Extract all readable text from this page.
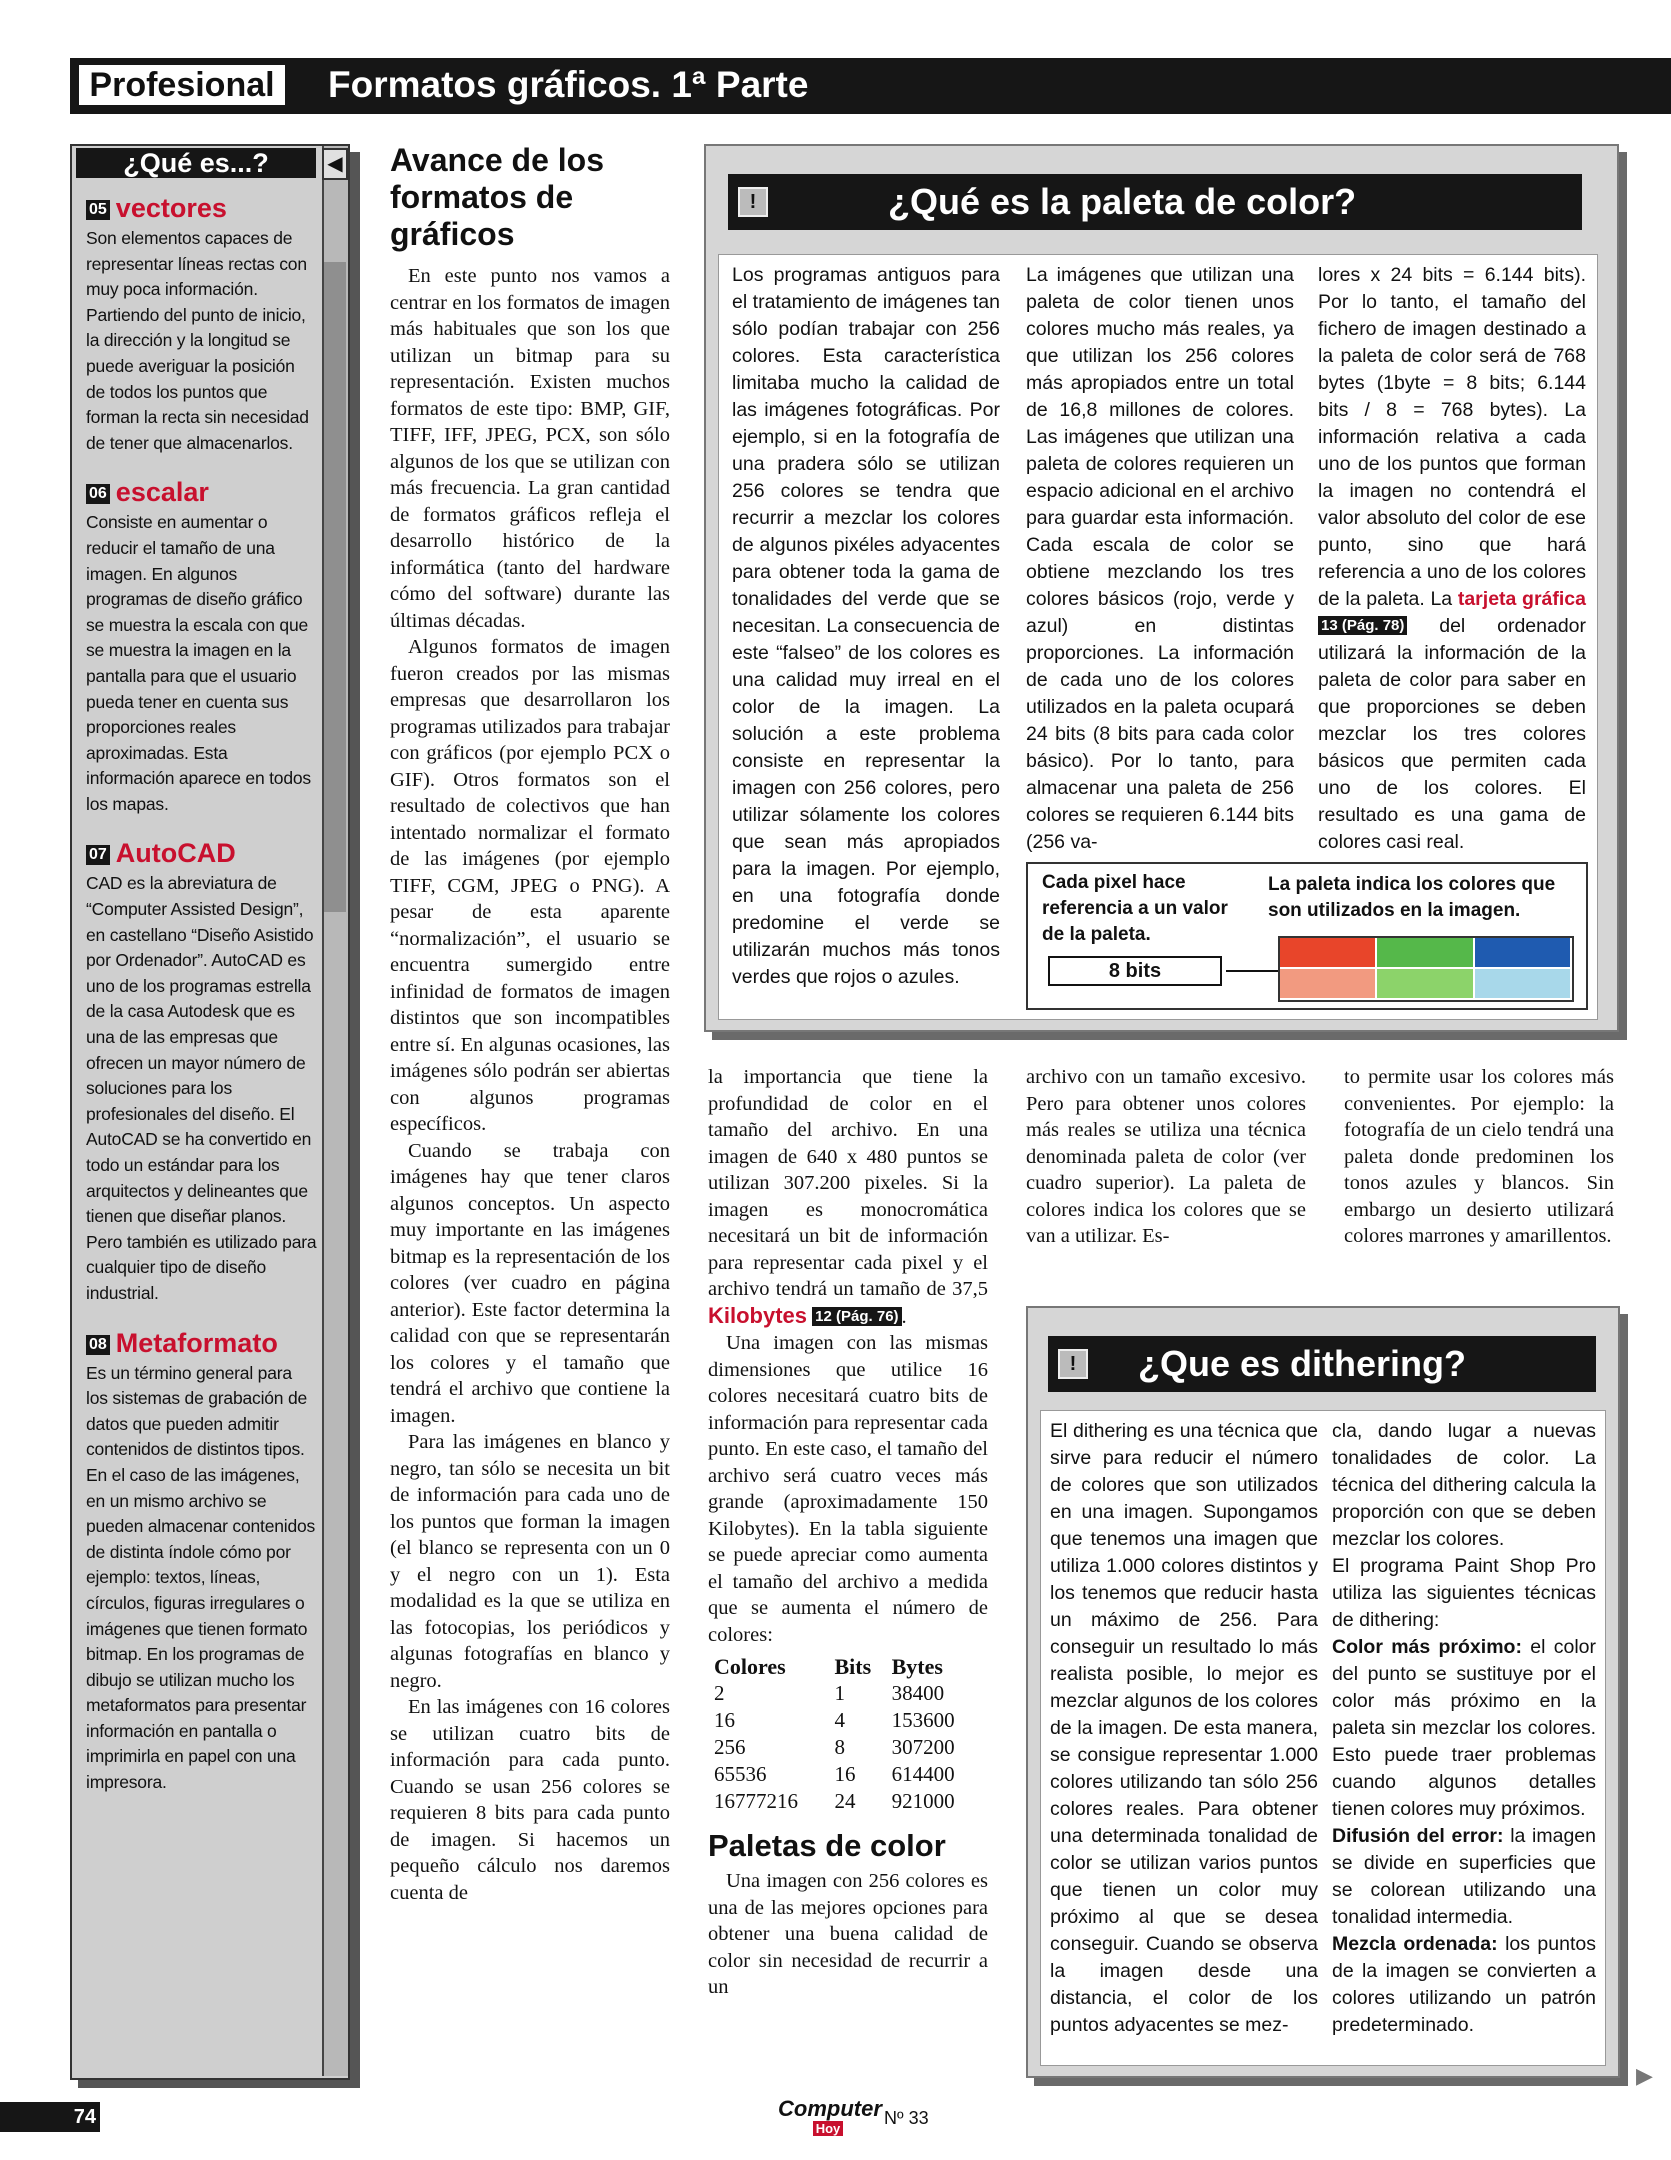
Profesional	Formatos gráficos. 1ª Parte
◀
¿Qué es...?
05 vectores
Son elementos capaces de representar líneas rectas con muy poca información. Partiendo del punto de inicio, la dirección y la longitud se puede averiguar la posición de todos los puntos que forman la recta sin necesidad de tener que almacenarlos.
06 escalar
Consiste en aumentar o reducir el tamaño de una imagen. En algunos programas de diseño gráfico se muestra la escala con que se muestra la imagen en la pantalla para que el usuario pueda tener en cuenta sus proporciones reales aproximadas. Esta información aparece en todos los mapas.
07 AutoCAD
CAD es la abreviatura de “Computer Assisted Design”, en castellano “Diseño Asistido por Ordenador”. AutoCAD es uno de los programas estrella de la casa Autodesk que es una de las empresas que ofrecen un mayor número de soluciones para los profesionales del diseño. El AutoCAD se ha convertido en todo un estándar para los arquitectos y delineantes que tienen que diseñar planos. Pero también es utilizado para cualquier tipo de diseño industrial.
08 Metaformato
Es un término general para los sistemas de grabación de datos que pueden admitir contenidos de distintos tipos. En el caso de las imágenes, en un mismo archivo se pueden almacenar contenidos de distinta índole cómo por ejemplo: textos, líneas, círculos, figuras irregulares o imágenes que tienen formato bitmap. En los programas de dibujo se utilizan mucho los metaformatos para presentar información en pantalla o imprimirla en papel con una impresora.
Avance de los formatos de gráficos

En este punto nos vamos a centrar en los formatos de imagen más habituales que son los que utilizan un bitmap para su representación. Existen muchos formatos de este tipo: BMP, GIF, TIFF, IFF, JPEG, PCX, son sólo algunos de los que se utilizan con más frecuencia. La gran cantidad de formatos gráficos refleja el desarrollo histórico de la informática (tanto del hardware cómo del software) durante las últimas décadas.

Algunos formatos de imagen fueron creados por las mismas empresas que desarrollaron los programas utilizados para trabajar con gráficos (por ejemplo PCX o GIF). Otros formatos son el resultado de colectivos que han intentado normalizar el formato de las imágenes (por ejemplo TIFF, CGM, JPEG o PNG). A pesar de esta aparente “normalización”, el usuario se encuentra sumergido entre infinidad de formatos de imagen distintos que son incompatibles entre sí. En algunas ocasiones, las imágenes sólo podrán ser abiertas con algunos programas específicos.

Cuando se trabaja con imágenes hay que tener claros algunos conceptos. Un aspecto muy importante en las imágenes bitmap es la representación de los colores (ver cuadro en página anterior). Este factor determina la calidad con que se representarán los colores y el tamaño que tendrá el archivo que contiene la imagen.

Para las imágenes en blanco y negro, tan sólo se necesita un bit de información para cada uno de los puntos que forman la imagen (el blanco se representa con un 0 y el negro con un 1). Esta modalidad es la que se utiliza en las fotocopias, los periódicos y algunas fotografías en blanco y negro.

En las imágenes con 16 colores se utilizan cuatro bits de información para cada punto. Cuando se usan 256 colores se requieren 8 bits para cada punto de imagen. Si hacemos un pequeño cálculo nos daremos cuenta de

!	¿Qué es la paleta de color?
Los programas antiguos para el tratamiento de imágenes tan sólo podían trabajar con 256 colores. Esta característica limitaba mucho la calidad de las imágenes fotográficas. Por ejemplo, si en la fotografía de una pradera sólo se utilizan 256 colores se tendra que recurrir a mezclar los colores de algunos pixéles adyacentes para obtener toda la gama de tonalidades del verde que se necesitan. La consecuencia de este “falseo” de los colores es una calidad muy irreal en el color de la imagen. La solución a este problema consiste en representar la imagen con 256 colores, pero utilizar sólamente los colores que sean más apropiados para la imagen. Por ejemplo, en una fotografía donde predomine el verde se utilizarán muchos más tonos verdes que rojos o azules.
La imágenes que utilizan una paleta de color tienen unos colores mucho más reales, ya que utilizan los 256 colores más apropiados entre un total de 16,8 millones de colores. Las imágenes que utilizan una paleta de colores requieren un espacio adicional en el archivo para guardar esta información. Cada escala de color se obtiene mezclando los tres colores básicos (rojo, verde y azul) en distintas proporciones. La información de cada uno de los colores utilizados en la paleta ocupará 24 bits (8 bits para cada color básico). Por lo tanto, para almacenar una paleta de 256 colores se requieren 6.144 bits (256 va-
lores x 24 bits = 6.144 bits). Por lo tanto, el tamaño del fichero de imagen destinado a la paleta de color será de 768 bytes (1byte = 8 bits; 6.144 bits / 8 = 768 bytes). La información relativa a cada uno de los puntos que forman la imagen no contendrá el valor absoluto del color de ese punto, sino que hará referencia a uno de los colores de la paleta. La tarjeta gráfica 13 (Pág. 78) del ordenador utilizará la información de la paleta de color para saber en que proporciones se deben mezclar los tres colores básicos que permiten cada uno de los colores. El resultado es una gama de colores casi real.
Cada pixel hace referencia a un valor de la paleta.
8 bits
La paleta indica los colores que son utilizados en la imagen.

la importancia que tiene la profundidad de color en el tamaño del archivo. En una imagen de 640 x 480 puntos se utilizan 307.200 pixeles. Si la imagen es monocromática necesitará un bit de información para representar cada pixel y el archivo tendrá un tamaño de 37,5 Kilobytes 12 (Pág. 76) .

Una imagen con las mismas dimensiones que utilice 16 colores necesitará cuatro bits de información para representar cada punto. En este caso, el tamaño del archivo será cuatro veces más grande (aproximadamente 150 Kilobytes). En la tabla siguiente se puede apreciar como aumenta el tamaño del archivo a medida que se aumenta el número de colores:

Colores	Bits	Bytes
2	1	38400
16	4	153600
256	8	307200
65536	16	614400
16777216	24	921000
Paletas de color

Una imagen con 256 colores es una de las mejores opciones para obtener una buena calidad de color sin necesidad de recurrir a un

archivo con un tamaño excesivo. Pero para obtener unos colores más reales se utiliza una técnica denominada paleta de color (ver cuadro superior). La paleta de colores indica los colores que se van a utilizar. Es-

to permite usar los colores más convenientes. Por ejemplo: la fotografía de un cielo tendrá una paleta donde predominen los tonos azules y blancos. Sin embargo un desierto utilizará colores marrones y amarillentos.

!	¿Que es dithering?
El dithering es una técnica que sirve para reducir el número de colores que son utilizados en una imagen. Supongamos que tenemos una imagen que utiliza 1.000 colores distintos y los tenemos que reducir hasta un máximo de 256. Para conseguir un resultado lo más realista posible, lo mejor es mezclar algunos de los colores de la imagen. De esta manera, se consigue representar 1.000 colores utilizando tan sólo 256 colores reales. Para obtener una determinada tonalidad de color se utilizan varios puntos que tienen un color muy próximo al que se desea conseguir. Cuando se observa la imagen desde una distancia, el color de los puntos adyacentes se mez-
cla, dando lugar a nuevas tonalidades de color. La técnica del dithering calcula la proporción con que se deben mezclar los colores.
El programa Paint Shop Pro utiliza las siguientes técnicas de dithering:
Color más próximo: el color del punto se sustituye por el color más próximo en la paleta sin mezclar los colores. Esto puede traer problemas cuando algunos detalles tienen colores muy próximos.
Difusión del error: la imagen se divide en superficies que se colorean utilizando una tonalidad intermedia.
Mezcla ordenada: los puntos de la imagen se convierten a colores utilizando un patrón predeterminado.
74	Computer
Hoy
Nº 33
▶
